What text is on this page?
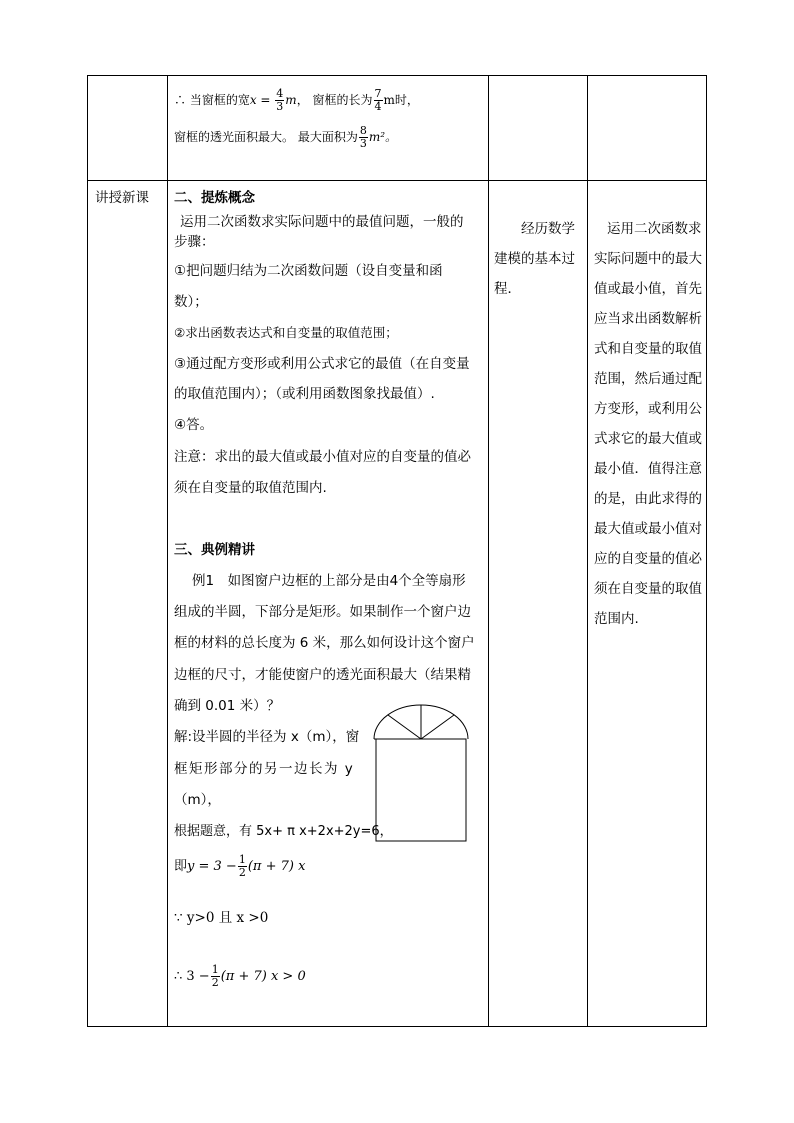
∴ 当窗框的宽$x = \frac{4}{3}$ m， 窗框的长为 $\frac{7}{4}$ m时，
窗框的透光面积最大。 最大面积为 $\frac{8}{3} m^2$。
讲授新课 二、提炼概念
运用二次函数求实际问题中的最值问题，一般的
步骤：
①把问题归结为二次函数问题（设自变量和函
数）；
②求出函数表达式和自变量的取值范围；
③通过配方变形或利用公式求它的最值（在自变量
的取值范围内）；（或利用函数图象找最值）.
④答。
注意：求出的最大值或最小值对应的自变量的值必
须在自变量的取值范围内.
三、典例精讲
例1　如图窗户边框的上部分是由4个全等扇形
组成的半圆，下部分是矩形。如果制作一个窗户边
框的材料的总长度为 6 米，那么如何设计这个窗户
边框的尺寸，才能使窗户的透光面积最大（结果精
确到 0.01 米）？
解:设半圆的半径为 x（m），窗
框矩形部分的另一边长为 y
（m），
根据题意，有 5x+ π x+2x+2y=6，
即$y = 3 - \frac{1}{2} (\pi + 7)$ x
∵ y>0 且 x >0
∴ $3 - \frac{1}{2} (\pi + 7) x > 0$
经历数学建模的基本过程．
运用二次函数求实际问题中的最大值或最小值，首先应当求出函数解析式和自变量的取值范围，然后通过配方变形，或利用公式求它的最大值或最小值．值得注意的是，由此求得的最大值或最小值对应的自变量的值必须在自变量的取值范围内.
